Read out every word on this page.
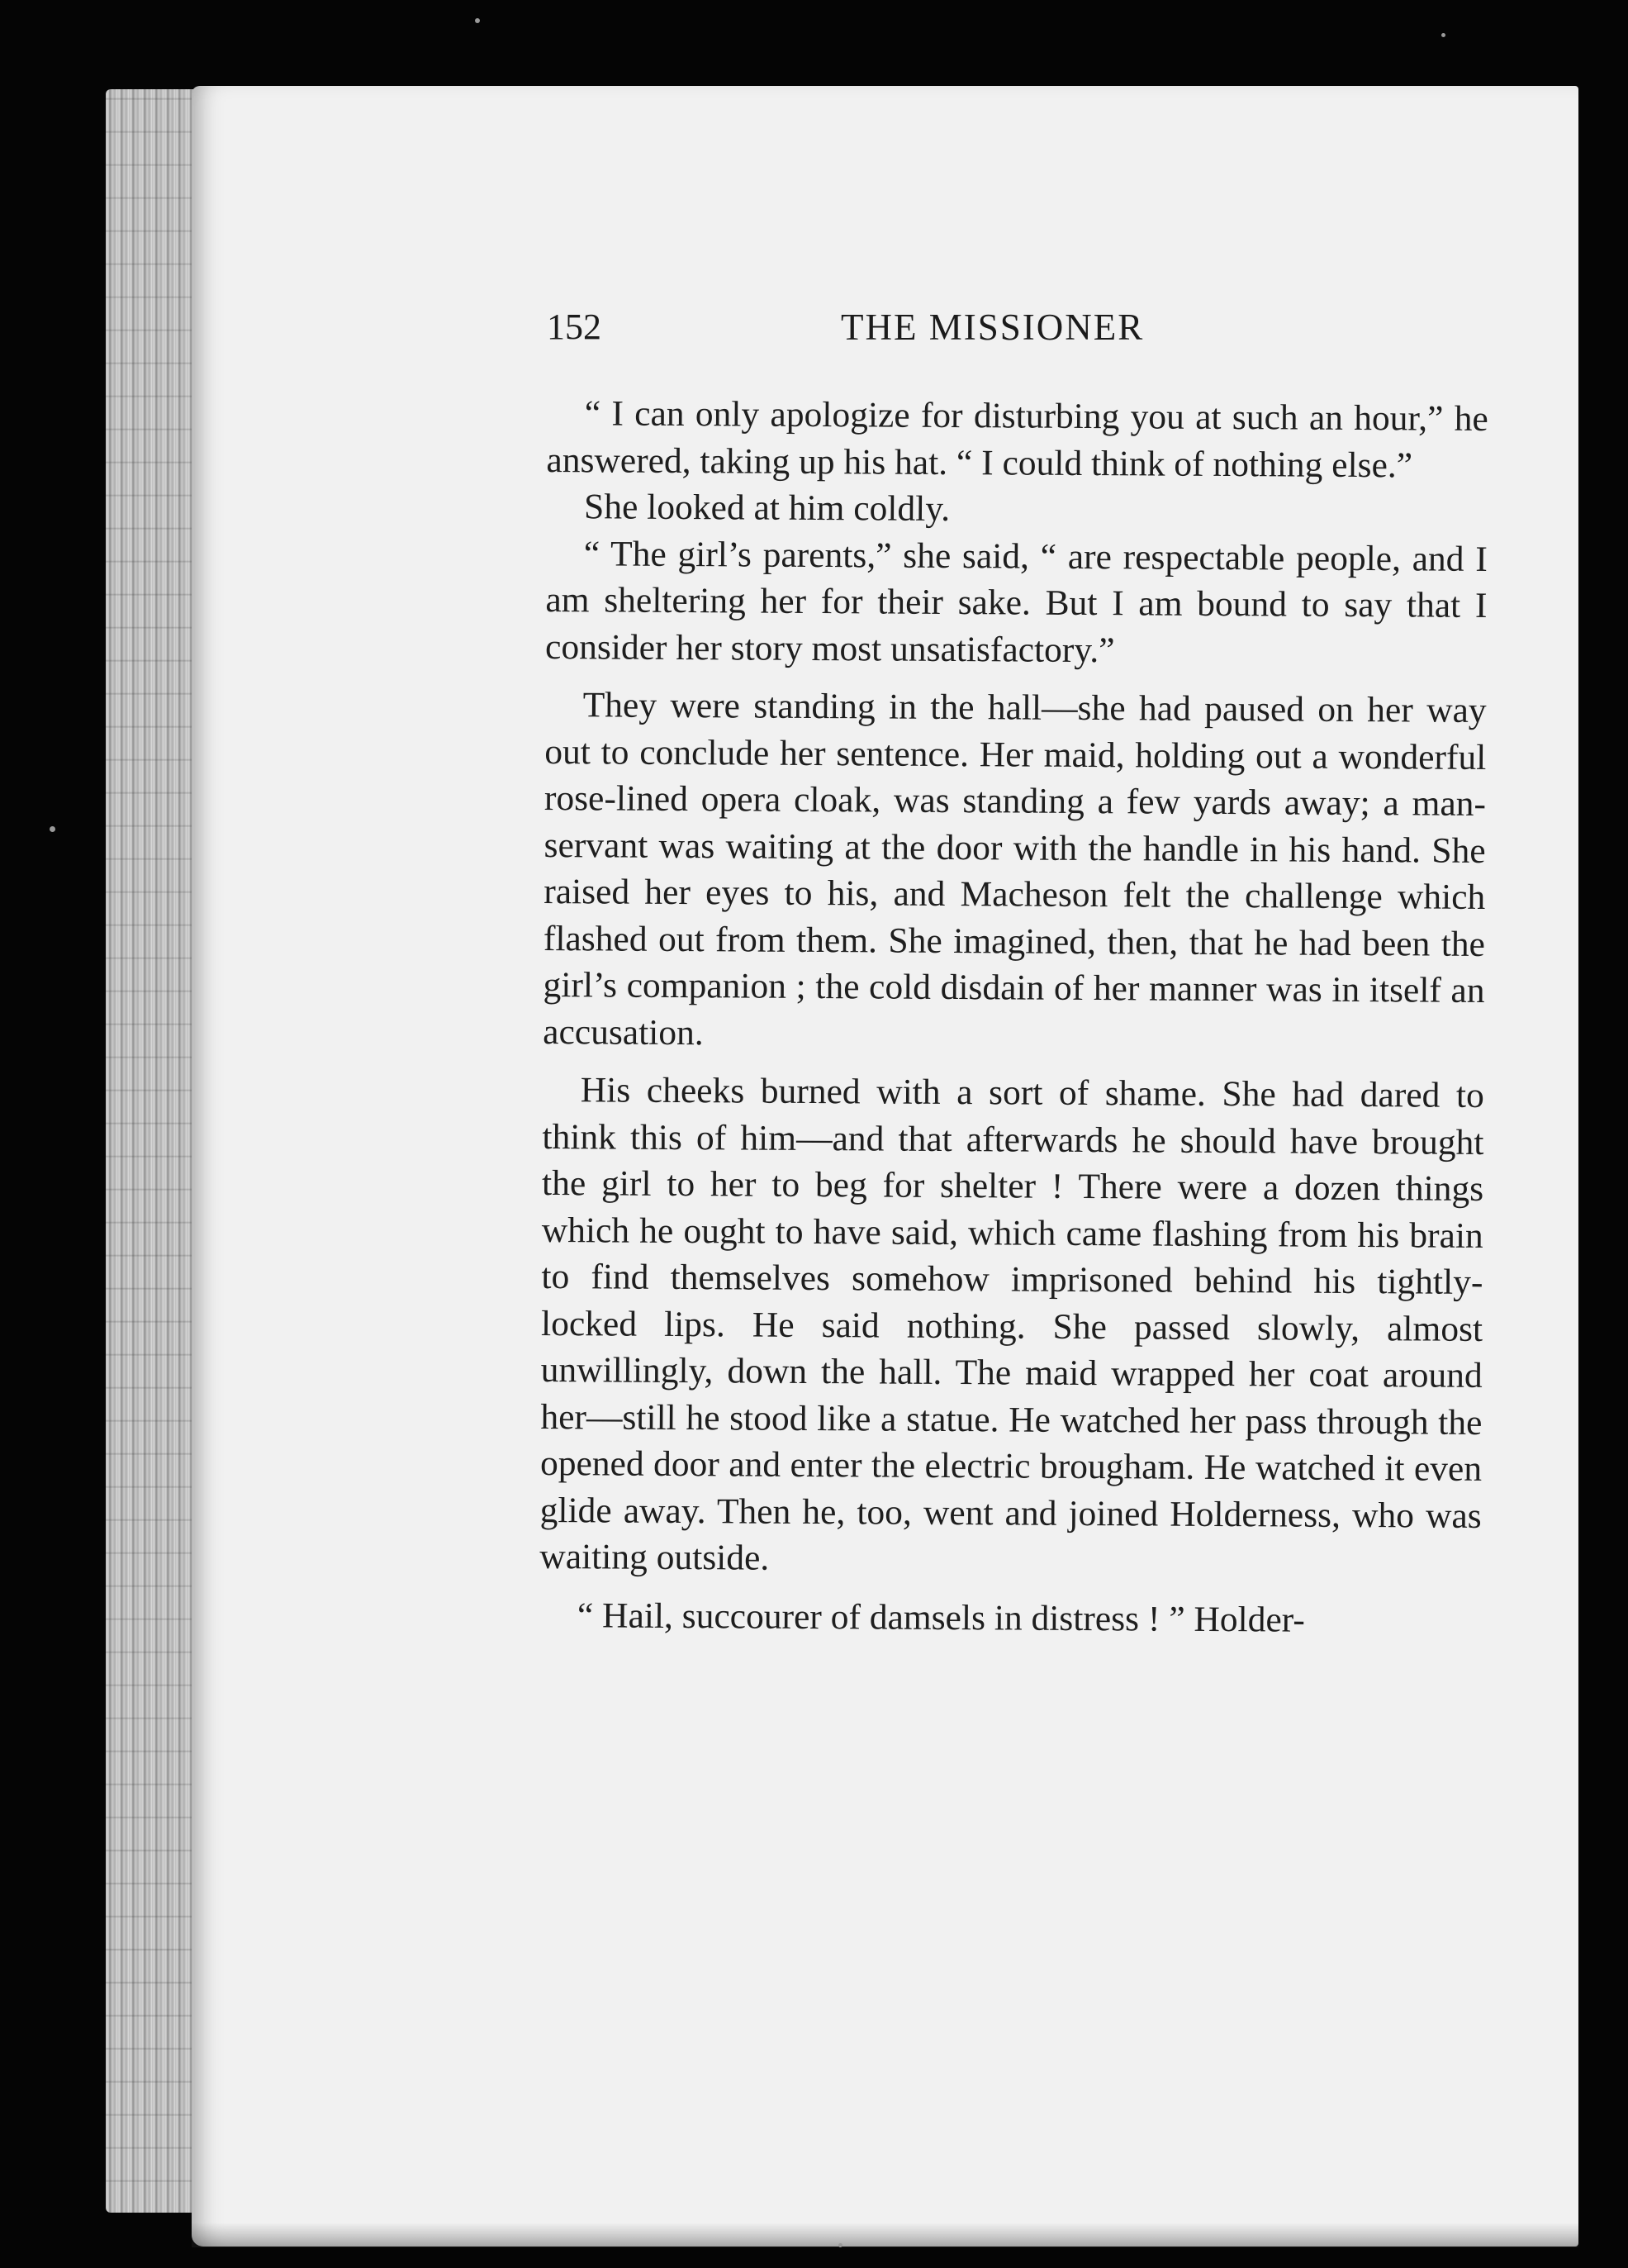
152	THE MISSIONER

“ I can only apologize for disturbing you at such an hour,” he answered, taking up his hat. “ I could think of nothing else.”

She looked at him coldly.

“ The girl’s parents,” she said, “ are respectable people, and I am sheltering her for their sake. But I am bound to say that I consider her story most unsatisfactory.”

They were standing in the hall—she had paused on her way out to conclude her sentence. Her maid, holding out a wonderful rose-lined opera cloak, was standing a few yards away; a man-servant was waiting at the door with the handle in his hand. She raised her eyes to his, and Macheson felt the challenge which flashed out from them. She imagined, then, that he had been the girl’s companion ; the cold disdain of her manner was in itself an accusation.

His cheeks burned with a sort of shame. She had dared to think this of him—and that afterwards he should have brought the girl to her to beg for shelter ! There were a dozen things which he ought to have said, which came flashing from his brain to find themselves somehow imprisoned behind his tightly-locked lips. He said nothing. She passed slowly, almost unwillingly, down the hall. The maid wrapped her coat around her—still he stood like a statue. He watched her pass through the opened door and enter the electric brougham. He watched it even glide away. Then he, too, went and joined Holderness, who was waiting outside.

“ Hail, succourer of damsels in distress ! ” Holder-
